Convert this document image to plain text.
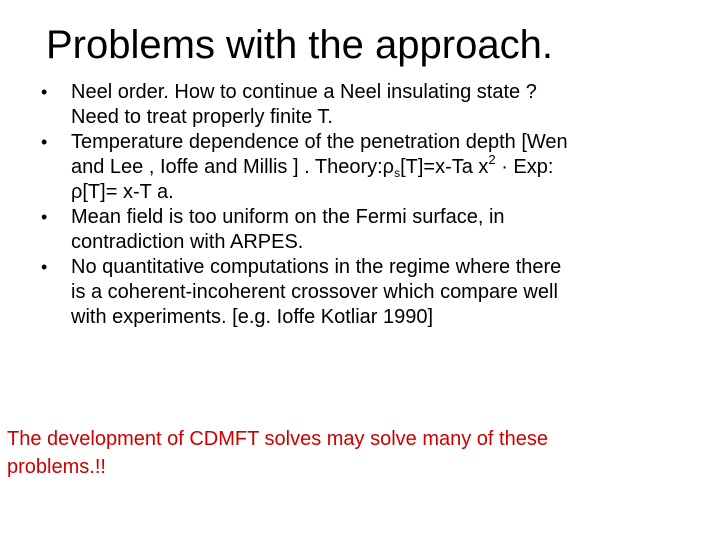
Problems with the approach.
• Neel order. How to continue a Neel insulating state ?
Need to treat properly finite T.
• Temperature dependence of the penetration depth [Wen
and Lee , Ioffe and Millis ] . $Theory:\rho_s[T]=x-Ta$ $x^2$ · Exp:
ρ[T]= x-T a.
• Mean field is too uniform on the Fermi surface, in
contradiction with ARPES.
• No quantitative computations in the regime where there
is a coherent-incoherent crossover which compare well
with experiments. [e.g. Ioffe Kotliar 1990]
The development of CDMFT solves may solve many of these
problems.!!
